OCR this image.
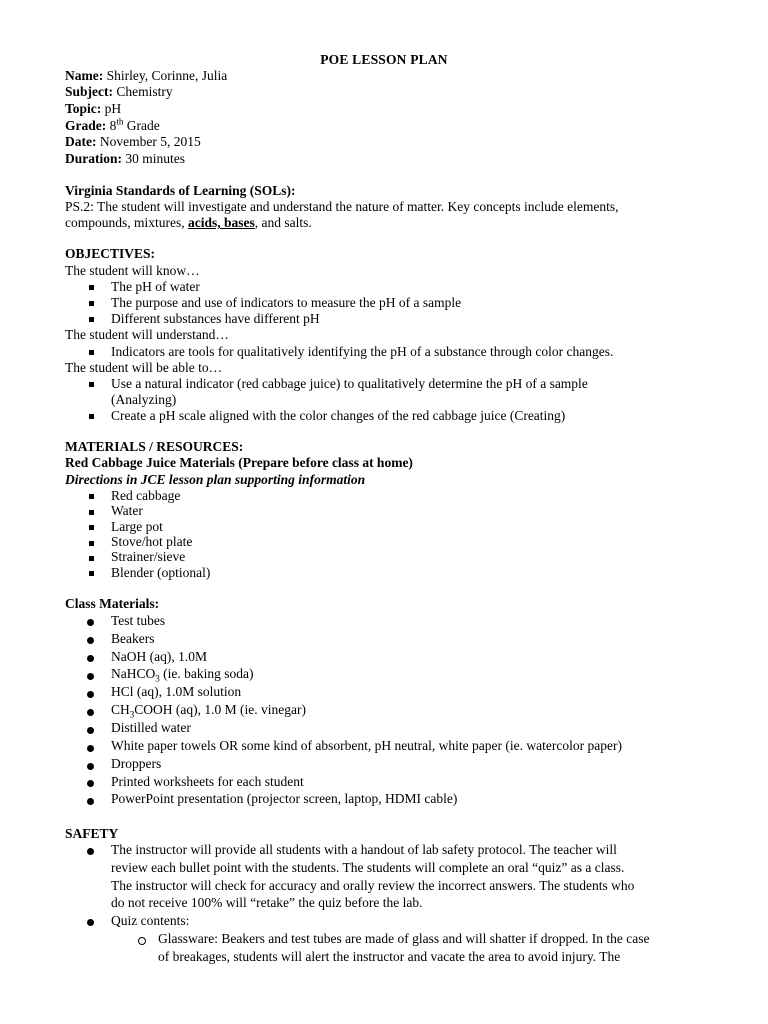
POE LESSON PLAN
Name: Shirley, Corinne, Julia
Subject: Chemistry
Topic: pH
Grade: 8th Grade
Date: November 5, 2015
Duration: 30 minutes
Virginia Standards of Learning (SOLs):
PS.2: The student will investigate and understand the nature of matter. Key concepts include elements,
compounds, mixtures, acids, bases, and salts.
OBJECTIVES:
The student will know…
The pH of water
The purpose and use of indicators to measure the pH of a sample
Different substances have different pH
The student will understand…
Indicators are tools for qualitatively identifying the pH of a substance through color changes.
The student will be able to…
Use a natural indicator (red cabbage juice) to qualitatively determine the pH of a sample
(Analyzing)
Create a pH scale aligned with the color changes of the red cabbage juice (Creating)
MATERIALS / RESOURCES:
Red Cabbage Juice Materials (Prepare before class at home)
Directions in JCE lesson plan supporting information
Red cabbage
Water
Large pot
Stove/hot plate
Strainer/sieve
Blender (optional)
Class Materials:
Test tubes
Beakers
NaOH (aq), 1.0M
NaHCO$_3$ (ie. baking soda)
HCl (aq), 1.0M solution
$CH_3COOH$ (aq), 1.0 M (ie. vinegar)
Distilled water
White paper towels OR some kind of absorbent, pH neutral, white paper (ie. watercolor paper)
Droppers
Printed worksheets for each student
PowerPoint presentation (projector screen, laptop, HDMI cable)
SAFETY
The instructor will provide all students with a handout of lab safety protocol. The teacher will
review each bullet point with the students. The students will complete an oral “quiz” as a class.
The instructor will check for accuracy and orally review the incorrect answers. The students who
do not receive 100% will “retake” the quiz before the lab.
Quiz contents:
Glassware: Beakers and test tubes are made of glass and will shatter if dropped. In the case
of breakages, students will alert the instructor and vacate the area to avoid injury. The
